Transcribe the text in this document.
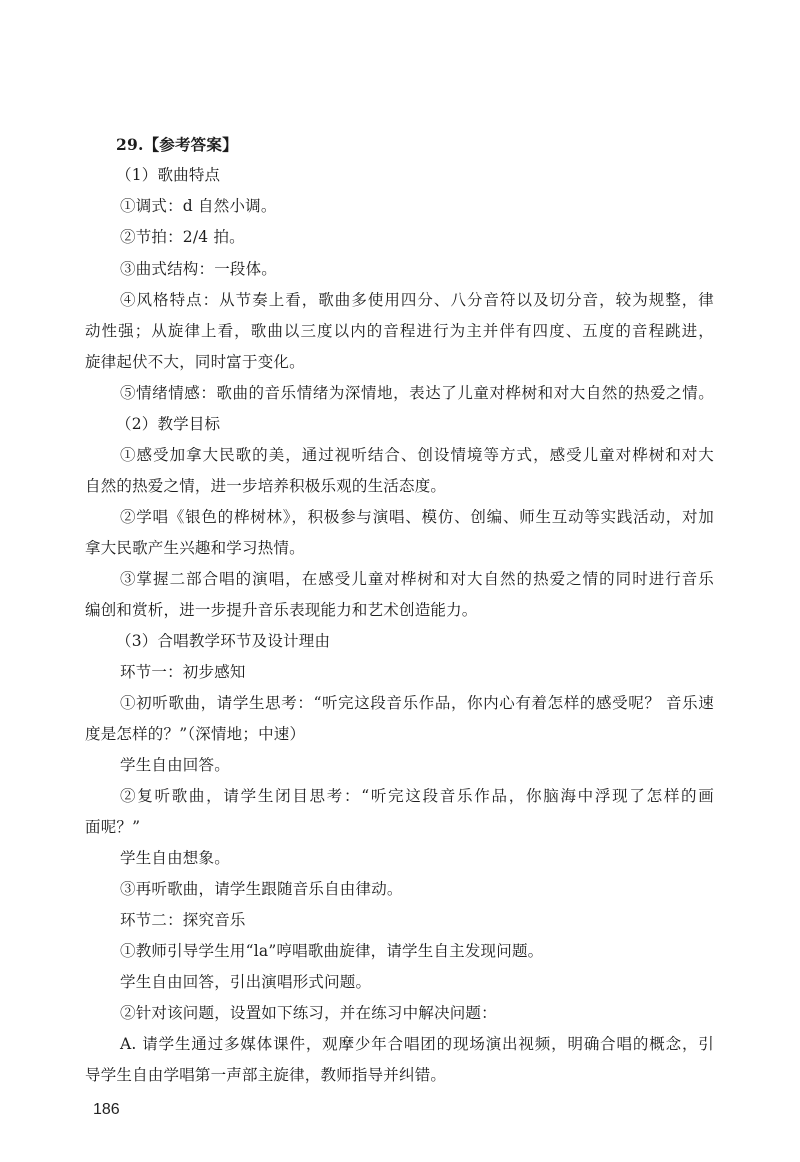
29.【参考答案】
（1）歌曲特点
①调式：d 自然小调。
②节拍：2/4 拍。
③曲式结构：一段体。
④风格特点：从节奏上看，歌曲多使用四分、八分音符以及切分音，较为规整，律
动性强；从旋律上看，歌曲以三度以内的音程进行为主并伴有四度、五度的音程跳进，
旋律起伏不大，同时富于变化。
⑤情绪情感：歌曲的音乐情绪为深情地，表达了儿童对桦树和对大自然的热爱之情。
（2）教学目标
①感受加拿大民歌的美，通过视听结合、创设情境等方式，感受儿童对桦树和对大
自然的热爱之情，进一步培养积极乐观的生活态度。
②学唱《银色的桦树林》，积极参与演唱、模仿、创编、师生互动等实践活动，对加
拿大民歌产生兴趣和学习热情。
③掌握二部合唱的演唱，在感受儿童对桦树和对大自然的热爱之情的同时进行音乐
编创和赏析，进一步提升音乐表现能力和艺术创造能力。
（3）合唱教学环节及设计理由
环节一：初步感知
①初听歌曲，请学生思考：“听完这段音乐作品，你内心有着怎样的感受呢？ 音乐速
度是怎样的？”（深情地；中速）
学生自由回答。
②复听歌曲，请学生闭目思考：“听完这段音乐作品，你脑海中浮现了怎样的画
面呢？”
学生自由想象。
③再听歌曲，请学生跟随音乐自由律动。
环节二：探究音乐
①教师引导学生用“la”哼唱歌曲旋律，请学生自主发现问题。
学生自由回答，引出演唱形式问题。
②针对该问题，设置如下练习，并在练习中解决问题：
A. 请学生通过多媒体课件，观摩少年合唱团的现场演出视频，明确合唱的概念，引
导学生自由学唱第一声部主旋律，教师指导并纠错。
186
